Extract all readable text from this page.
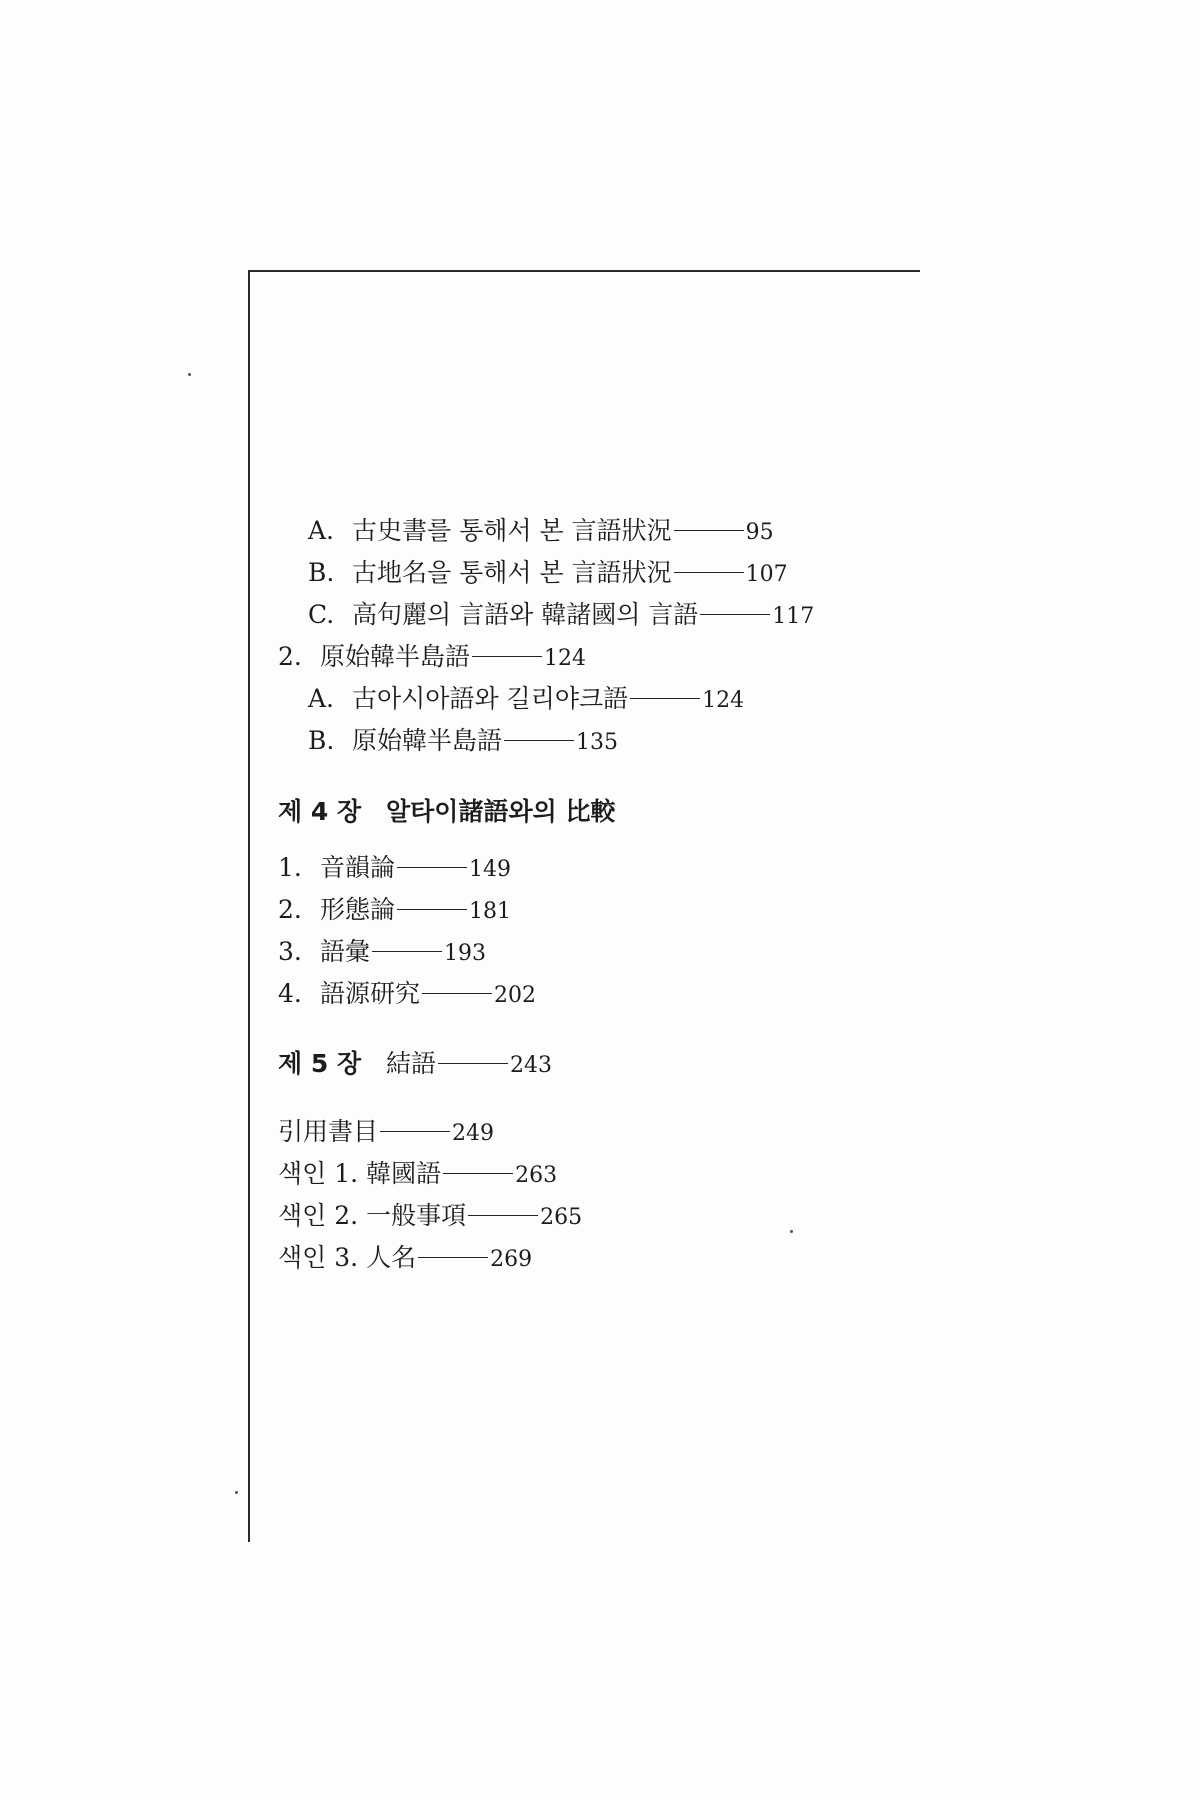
A. 古史書를 통해서 본 言語狀況	95
B. 古地名을 통해서 본 言語狀況	107
C. 高句麗의 言語와 韓諸國의 言語	117
2. 原始韓半島語	124
A. 古아시아語와 길리야크語	124
B. 原始韓半島語	135
제 4 장 알타이諸語와의 比較
1. 音韻論	149
2. 形態論	181
3. 語彙	193
4. 語源研究	202
제 5 장 結語	243
引用書目	249
색인 1. 韓國語	263
색인 2. 一般事項	265
색인 3. 人名	269
